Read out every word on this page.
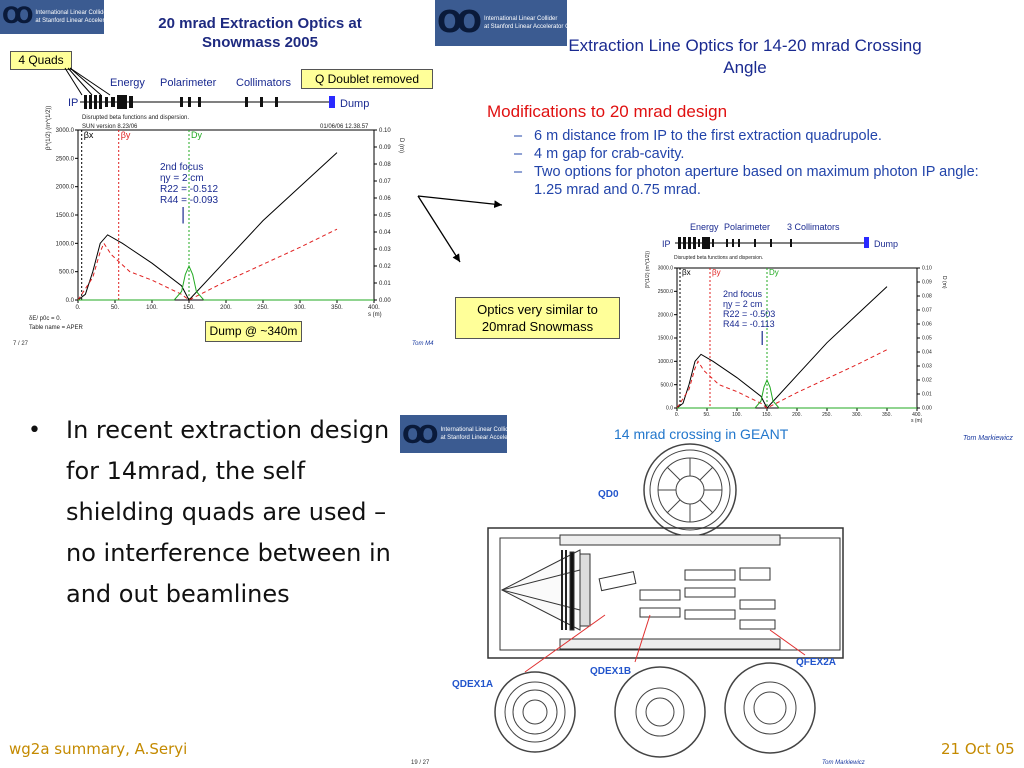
OO International Linear Collider
at Stanford Linear Accelerator Center	OO International Linear Collider
at Stanford Linear Accelerator Center
OO International Linear Collider
at Stanford Linear Accelerator Center
20 mrad Extraction Optics at Snowmass 2005	Extraction Line Optics for 14-20 mrad Crossing Angle
4 Quads
Q Doublet removed
Dump @ ~340m
IP
Energy Polarimeter Collimators
Dump
Disrupted beta functions and dispersion.
SUN version 8.23/06	01/06/06 12.38.57
0.	50.	100.	150.	200.	250.	300.	350.	400.
0.0
500.0
1000.0
1500.0
2000.0
2500.0
3000.0
0.00
0.01
0.02
0.03
0.04
0.05
0.06
0.07
0.08
0.09
0.10
s (m)
β^(1/2) (m^(1/2))	D (m)
βx	βy	Dy
2nd focus
ηy = 2 cm
R22 = -0.512
R44 = -0.093
δE/ p0c = 0.
Table name = APER
7 / 27	Tom M4
Modifications to 20 mrad design
– 6 m distance from IP to the first extraction quadrupole.
– 4 m gap for crab-cavity.
– Two options for photon aperture based on maximum photon IP angle: 1.25 mrad and 0.75 mrad.
Optics very similar to 20mrad Snowmass
IP
Energy Polarimeter 3 Collimators
Dump
Disrupted beta functions and dispersion.
0.	50.	100.	150.	200.	250.	300.	350.	400.
0.0
500.0
1000.0
1500.0
2000.0
2500.0
3000.0
0.00
0.01
0.02
0.03
0.04
0.05
0.06
0.07
0.08
0.09
0.10
s (m)
β^(1/2) (m^(1/2))	D (m)
βx	βy	Dy
2nd focus
ηy = 2 cm
R22 = -0.503
R44 = -0.113
•	In recent extraction design for 14mrad, the self shielding quads are used – no interference between in and out beamlines
14 mrad crossing in GEANT	Tom Markiewicz
QD0
QDEX1A
QDEX1B
QFEX2A
wg2a summary, A.Seryi	21 Oct 05
19 / 27	Tom Markiewicz
